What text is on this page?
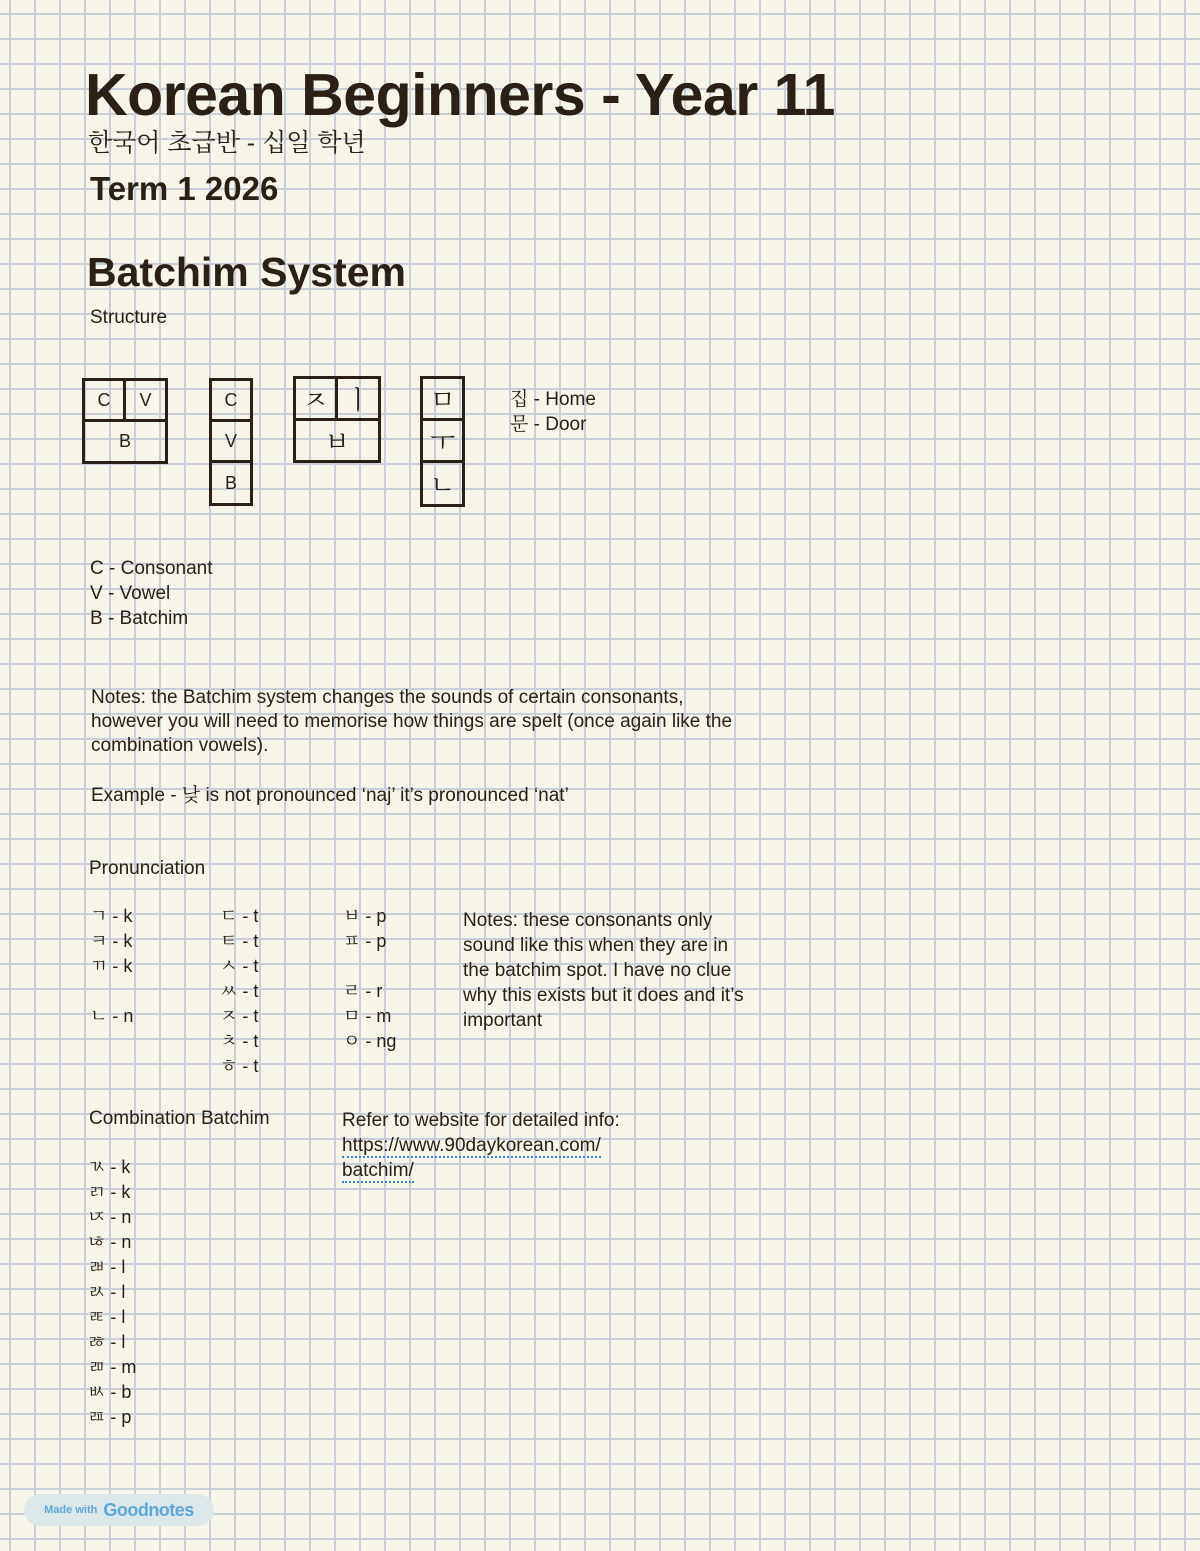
Korean Beginners - Year 11
한국어 초급반 - 십일 학년
Term 1 2026
Batchim System
Structure
C	V
B
C
V
B
ㅈ ㅣ
ㅂ
ㅁ
ㅜ
ㄴ
집 - Home
문 - Door
C - Consonant
V - Vowel
B - Batchim
Notes: the Batchim system changes the sounds of certain consonants,
however you will need to memorise how things are spelt (once again like the
combination vowels).
Example - 낮 is not pronounced ‘naj’ it’s pronounced ‘nat’
Pronunciation
ㄱ - k
ㅋ - k
ㄲ - k

ㄴ - n
ㄷ - t
ㅌ - t
ㅅ - t
ㅆ - t
ㅈ - t
ㅊ - t
ㅎ - t
ㅂ - p
ㅍ - p

ㄹ - r
ㅁ - m
ㅇ - ng
Notes: these consonants only
sound like this when they are in
the batchim spot. I have no clue
why this exists but it does and it’s
important
Combination Batchim
ㄳ - k
ㄺ - k
ㄵ - n
ㄶ - n
ㄼ - l
ㄽ - l
ㄾ - l
ㅀ - l
ㄻ - m
ㅄ - b
ㄿ - p
Refer to website for detailed info:
https://www.90daykorean.com/
batchim/
Made with Goodnotes
